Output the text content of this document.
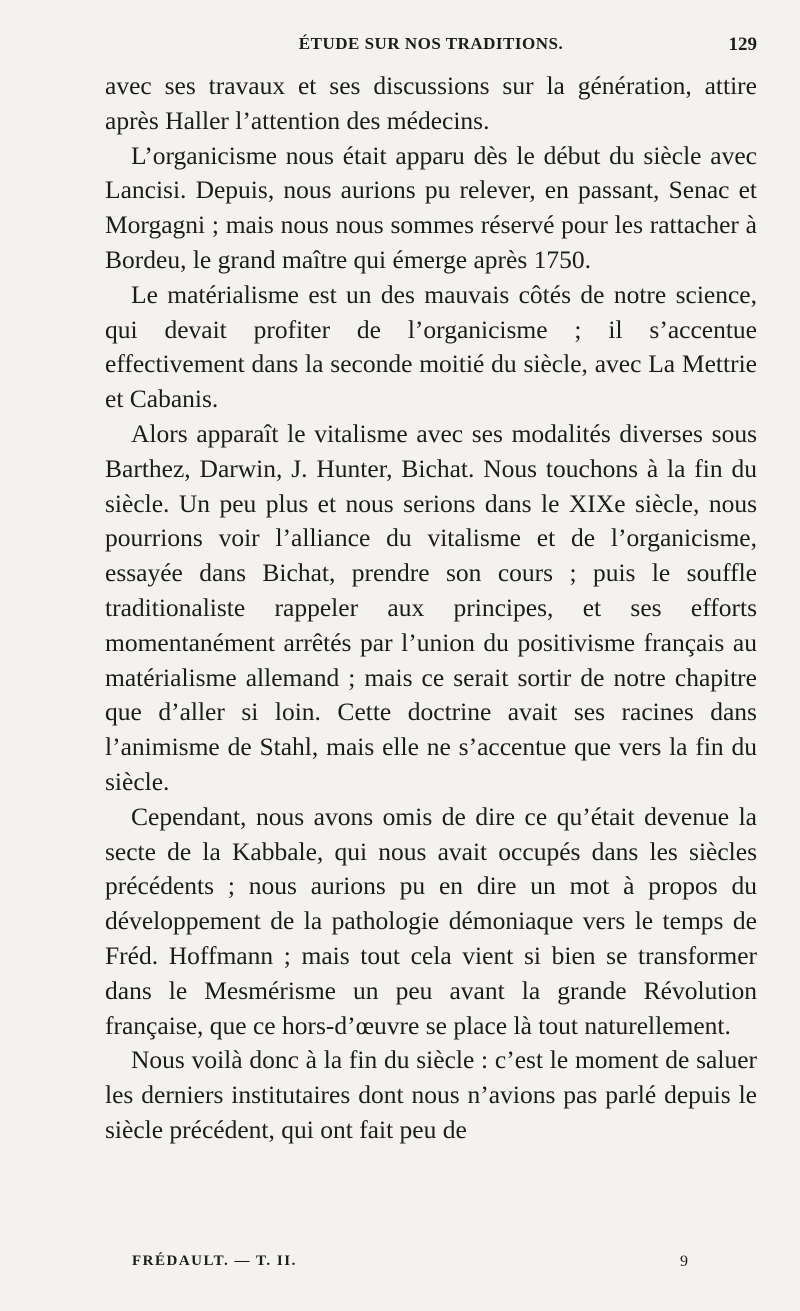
ÉTUDE SUR NOS TRADITIONS.	129

avec ses travaux et ses discussions sur la génération, attire après Haller l’attention des médecins.

L’organicisme nous était apparu dès le début du siècle avec Lancisi. Depuis, nous aurions pu relever, en passant, Senac et Morgagni ; mais nous nous sommes réservé pour les rattacher à Bordeu, le grand maître qui émerge après 1750.

Le matérialisme est un des mauvais côtés de notre science, qui devait profiter de l’organicisme ; il s’accentue effectivement dans la seconde moitié du siècle, avec La Mettrie et Cabanis.

Alors apparaît le vitalisme avec ses modalités diverses sous Barthez, Darwin, J. Hunter, Bichat. Nous touchons à la fin du siècle. Un peu plus et nous serions dans le XIXe siècle, nous pourrions voir l’alliance du vitalisme et de l’organicisme, essayée dans Bichat, prendre son cours ; puis le souffle traditionaliste rappeler aux principes, et ses efforts momentanément arrêtés par l’union du positivisme français au matérialisme allemand ; mais ce serait sortir de notre chapitre que d’aller si loin. Cette doctrine avait ses racines dans l’animisme de Stahl, mais elle ne s’accentue que vers la fin du siècle.

Cependant, nous avons omis de dire ce qu’était devenue la secte de la Kabbale, qui nous avait occupés dans les siècles précédents ; nous aurions pu en dire un mot à propos du développement de la pathologie démoniaque vers le temps de Fréd. Hoffmann ; mais tout cela vient si bien se transformer dans le Mesmérisme un peu avant la grande Révolution française, que ce hors-d’œuvre se place là tout naturellement.

Nous voilà donc à la fin du siècle : c’est le moment de saluer les derniers institutaires dont nous n’avions pas parlé depuis le siècle précédent, qui ont fait peu de

FRÉDAULT. — T. II.	9
